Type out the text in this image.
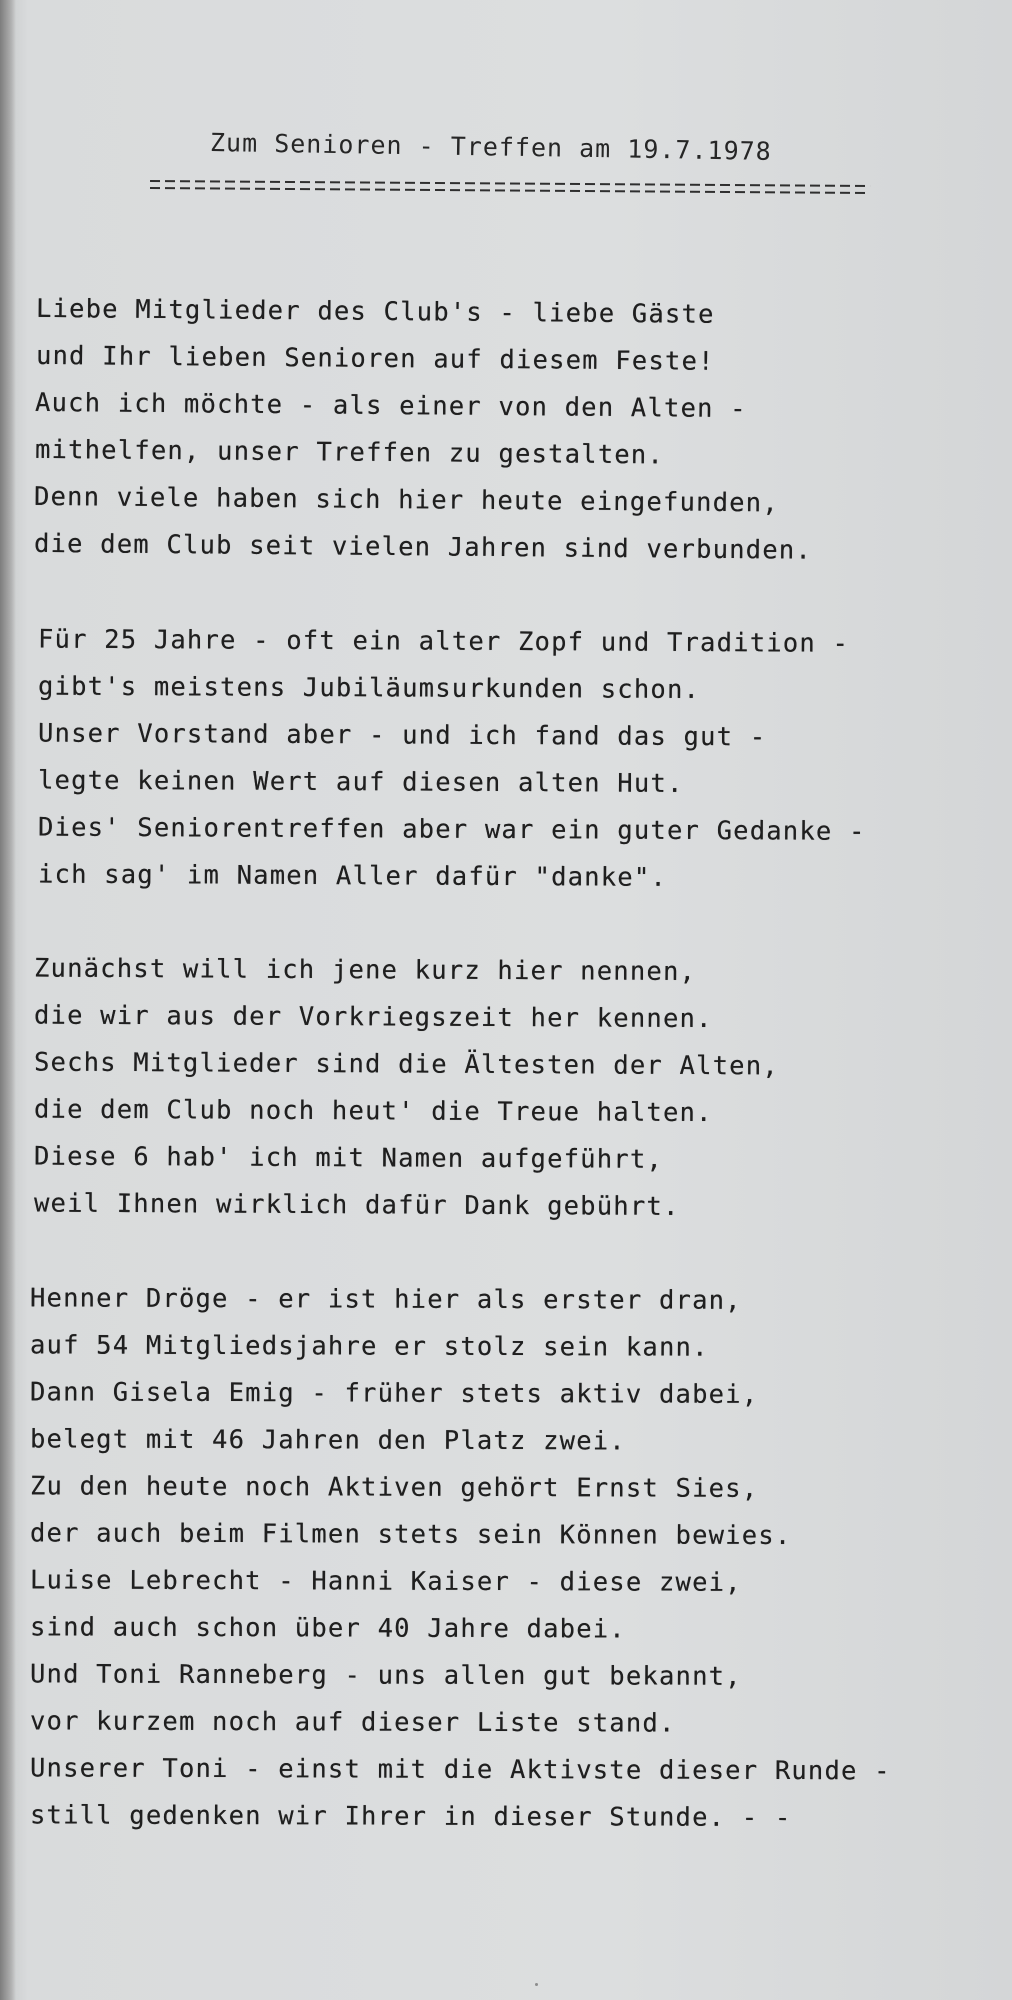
Zum Senioren - Treffen am 19.7.1978
Liebe Mitglieder des Club's - liebe Gäste
und Ihr lieben Senioren auf diesem Feste!
Auch ich möchte - als einer von den Alten -
mithelfen, unser Treffen zu gestalten.
Denn viele haben sich hier heute eingefunden,
die dem Club seit vielen Jahren sind verbunden.
Für 25 Jahre - oft ein alter Zopf und Tradition -
gibt's meistens Jubiläumsurkunden schon.
Unser Vorstand aber - und ich fand das gut -
legte keinen Wert auf diesen alten Hut.
Dies' Seniorentreffen aber war ein guter Gedanke -
ich sag' im Namen Aller dafür "danke".
Zunächst will ich jene kurz hier nennen,
die wir aus der Vorkriegszeit her kennen.
Sechs Mitglieder sind die Ältesten der Alten,
die dem Club noch heut' die Treue halten.
Diese 6 hab' ich mit Namen aufgeführt,
weil Ihnen wirklich dafür Dank gebührt.
Henner Dröge - er ist hier als erster dran,
auf 54 Mitgliedsjahre er stolz sein kann.
Dann Gisela Emig - früher stets aktiv dabei,
belegt mit 46 Jahren den Platz zwei.
Zu den heute noch Aktiven gehört Ernst Sies,
der auch beim Filmen stets sein Können bewies.
Luise Lebrecht - Hanni Kaiser - diese zwei,
sind auch schon über 40 Jahre dabei.
Und Toni Ranneberg - uns allen gut bekannt,
vor kurzem noch auf dieser Liste stand.
Unserer Toni - einst mit die Aktivste dieser Runde -
still gedenken wir Ihrer in dieser Stunde. - -
